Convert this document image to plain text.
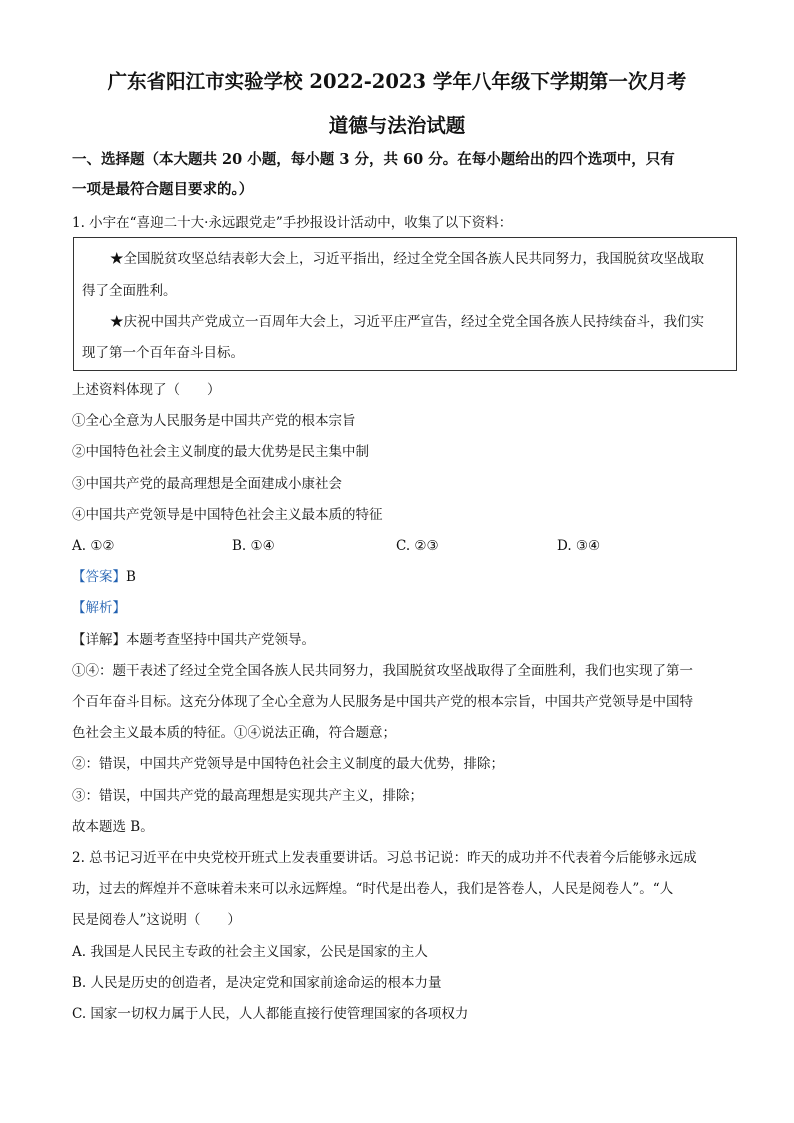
广东省阳江市实验学校 2022-2023 学年八年级下学期第一次月考
道德与法治试题
一、选择题（本大题共 20 小题，每小题 3 分，共 60 分。在每小题给出的四个选项中，只有
一项是最符合题目要求的。）
1. 小宇在“喜迎二十大·永远跟党走”手抄报设计活动中，收集了以下资料：
★全国脱贫攻坚总结表彰大会上，习近平指出，经过全党全国各族人民共同努力，我国脱贫攻坚战取
得了全面胜利。
★庆祝中国共产党成立一百周年大会上，习近平庄严宣告，经过全党全国各族人民持续奋斗，我们实
现了第一个百年奋斗目标。
上述资料体现了（　　）
①全心全意为人民服务是中国共产党的根本宗旨
②中国特色社会主义制度的最大优势是民主集中制
③中国共产党的最高理想是全面建成小康社会
④中国共产党领导是中国特色社会主义最本质的特征
A. ①②	B. ①④	C. ②③	D. ③④
【答案】B
【解析】
【详解】本题考查坚持中国共产党领导。
①④：题干表述了经过全党全国各族人民共同努力，我国脱贫攻坚战取得了全面胜利，我们也实现了第一
个百年奋斗目标。这充分体现了全心全意为人民服务是中国共产党的根本宗旨，中国共产党领导是中国特
色社会主义最本质的特征。①④说法正确，符合题意；
②：错误，中国共产党领导是中国特色社会主义制度的最大优势，排除；
③：错误，中国共产党的最高理想是实现共产主义，排除；
故本题选 B。
2. 总书记习近平在中央党校开班式上发表重要讲话。习总书记说：昨天的成功并不代表着今后能够永远成
功，过去的辉煌并不意味着未来可以永远辉煌。“时代是出卷人，我们是答卷人，人民是阅卷人”。“人
民是阅卷人”这说明（　　）
A. 我国是人民民主专政的社会主义国家，公民是国家的主人
B. 人民是历史的创造者，是决定党和国家前途命运的根本力量
C. 国家一切权力属于人民，人人都能直接行使管理国家的各项权力
